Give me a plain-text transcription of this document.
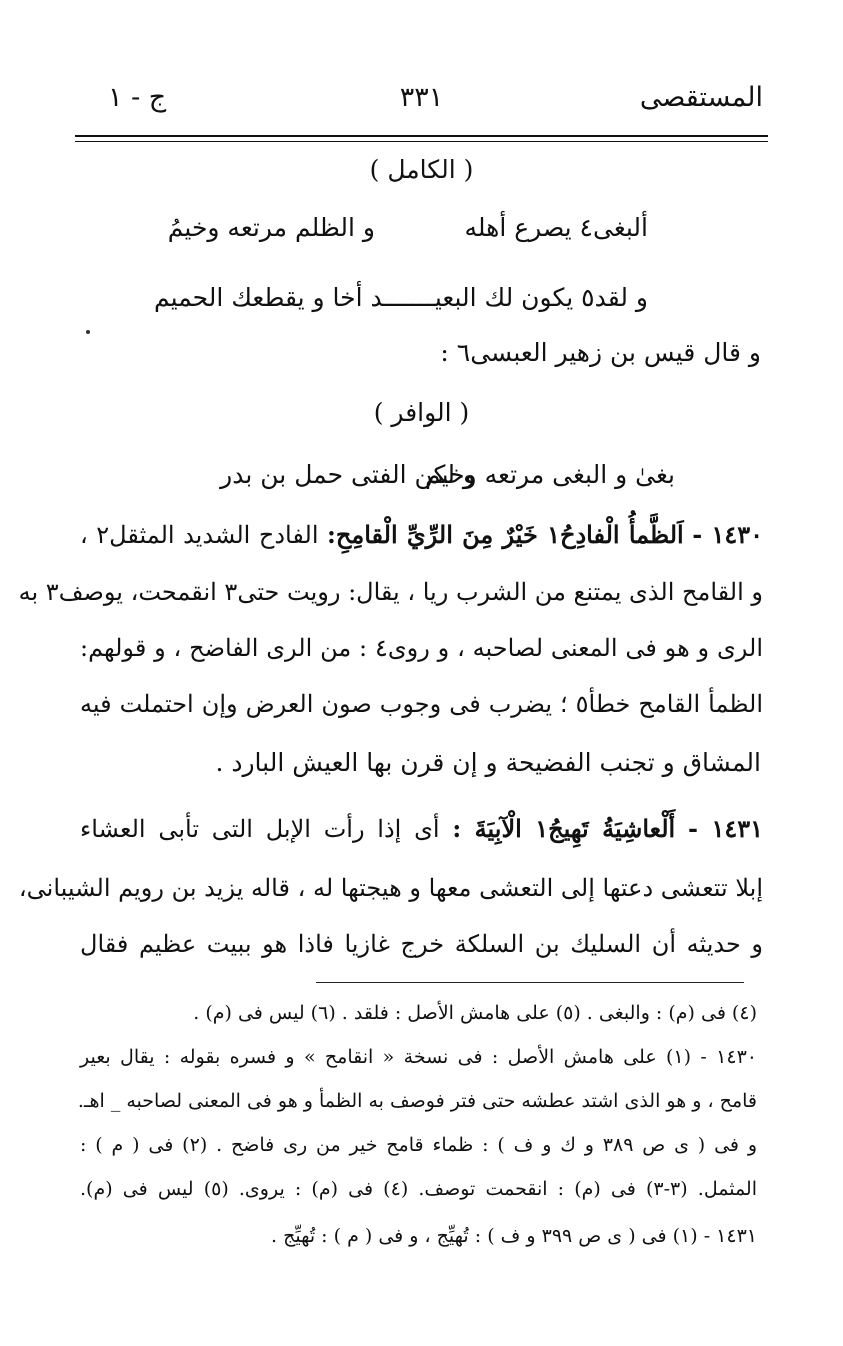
المستقصى
٣٣١
ج - ١
( الكامل )
ألبغى٤ يصرع أهله
و الظلم مرتعه وخيمُ
و لقد٥ يكون لك البعيـــــــد أخا و يقطعك الحميم
و قال قيس بن زهير العبسى٦ :
( الوافر )
و لكن الفتى حمل بن بدر
بغىٰ و البغى مرتعه وخيم
١٤٣٠ - اَلظَّمأُ الْفادِحُ١ خَيْرٌ مِنَ الرِّيِّ الْقامِحِ: الفادح الشديد المثقل٢ ،
و القامح الذى يمتنع من الشرب ريا ، يقال: رويت حتى٣ انقمحت، يوصف٣ به
الرى و هو فى المعنى لصاحبه ، و روى٤ : من الرى الفاضح ، و قولهم:
الظمأ القامح خطأ٥ ؛ يضرب فى وجوب صون العرض وإن احتملت فيه
المشاق و تجنب الفضيحة و إن قرن بها العيش البارد .
١٤٣١ - أَلْعاشِيَةُ تَهِيجُ١ الْآبِيَةَ : أى إذا رأت الإبل التى تأبى العشاء
إبلا تتعشى دعتها إلى التعشى معها و هيجتها له ، قاله يزيد بن رويم الشيبانى،
و حديثه أن السليك بن السلكة خرج غازيا فاذا هو ببيت عظيم فقال
(٤) فى (م) : والبغى . (٥) على هامش الأصل : فلقد . (٦) ليس فى (م) .
١٤٣٠ - (١) على هامش الأصل : فى نسخة « انقامح » و فسره بقوله : يقال بعير
قامح ، و هو الذى اشتد عطشه حتى فتر فوصف به الظمأ و هو فى المعنى لصاحبه _ اهـ.
و فى ( ى ص ٣٨٩ و ك و ف ) : ظماء قامح خير من رى فاضح . (٢) فى ( م ) :
المثمل. (٣-٣) فى (م) : انقحمت توصف. (٤) فى (م) : يروى. (٥) ليس فى (م).
١٤٣١ - (١) فى ( ى ص ٣٩٩ و ف ) : تُهيِّج ، و فى ( م ) : تُهيِّج .
